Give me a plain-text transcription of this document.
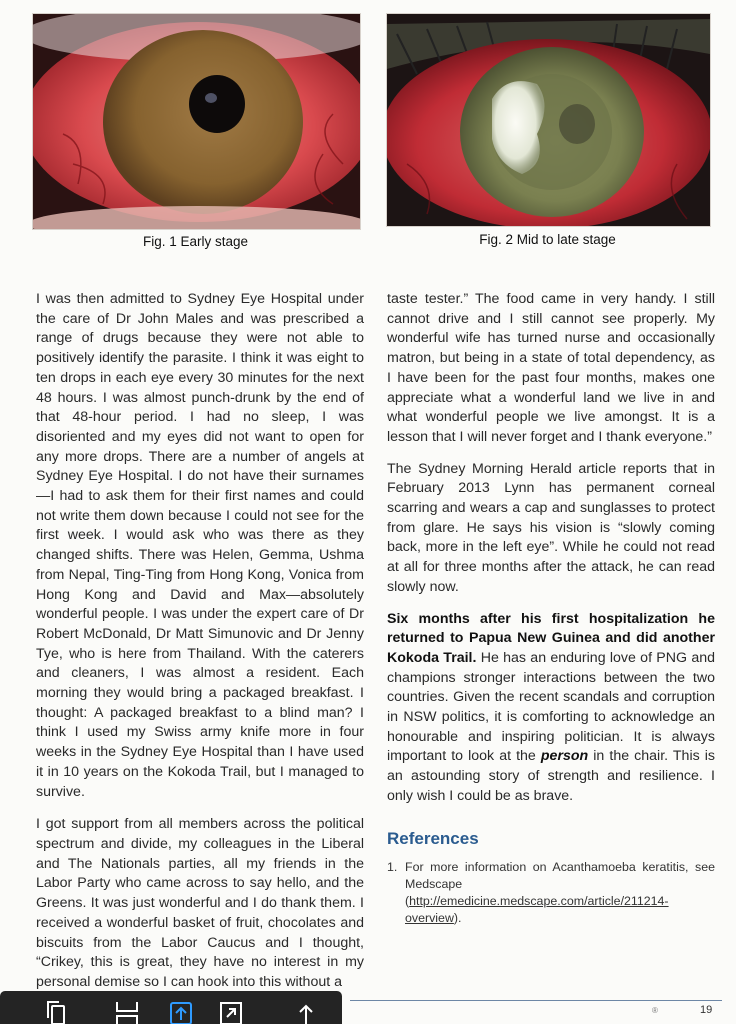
Fig. 1 Early stage	Fig. 2 Mid to late stage

I was then admitted to Sydney Eye Hospital under the care of Dr John Males and was prescribed a range of drugs because they were not able to positively identify the parasite. I think it was eight to ten drops in each eye every 30 minutes for the next 48 hours. I was almost punch-drunk by the end of that 48-hour period. I had no sleep, I was disoriented and my eyes did not want to open for any more drops. There are a number of angels at Sydney Eye Hospital. I do not have their surnames—I had to ask them for their first names and could not write them down because I could not see for the first week. I would ask who was there as they changed shifts. There was Helen, Gemma, Ushma from Nepal, Ting-Ting from Hong Kong, Vonica from Hong Kong and David and Max—absolutely wonderful people. I was under the expert care of Dr Robert McDonald, Dr Matt Simunovic and Dr Jenny Tye, who is here from Thailand. With the caterers and cleaners, I was almost a resident. Each morning they would bring a packaged breakfast. I thought: A packaged breakfast to a blind man? I think I used my Swiss army knife more in four weeks in the Sydney Eye Hospital than I have used it in 10 years on the Kokoda Trail, but I managed to survive.

I got support from all members across the political spectrum and divide, my colleagues in the Liberal and The Nationals parties, all my friends in the Labor Party who came across to say hello, and the Greens. It was just wonderful and I do thank them. I received a wonderful basket of fruit, chocolates and biscuits from the Labor Caucus and I thought, “Crikey, this is great, they have no interest in my personal demise so I can hook into this without a

taste tester.” The food came in very handy. I still cannot drive and I still cannot see properly. My wonderful wife has turned nurse and occasionally matron, but being in a state of total dependency, as I have been for the past four months, makes one appreciate what a wonderful land we live in and what wonderful people we live amongst. It is a lesson that I will never forget and I thank everyone.”

The Sydney Morning Herald article reports that in February 2013 Lynn has permanent corneal scarring and wears a cap and sunglasses to protect from glare. He says his vision is “slowly coming back, more in the left eye”. While he could not read at all for three months after the attack, he can read slowly now.

Six months after his first hospitalization he returned to Papua New Guinea and did another Kokoda Trail. He has an enduring love of PNG and champions stronger interactions between the two countries. Given the recent scandals and corruption in NSW politics, it is comforting to acknowledge an honourable and inspiring politician. It is always important to look at the person in the chair. This is an astounding story of strength and resilience. I only wish I could be as brave.

References
1. For more information on Acanthamoeba keratitis, see Medscape (http://emedicine.medscape.com/article/211214-overview).
®	19
